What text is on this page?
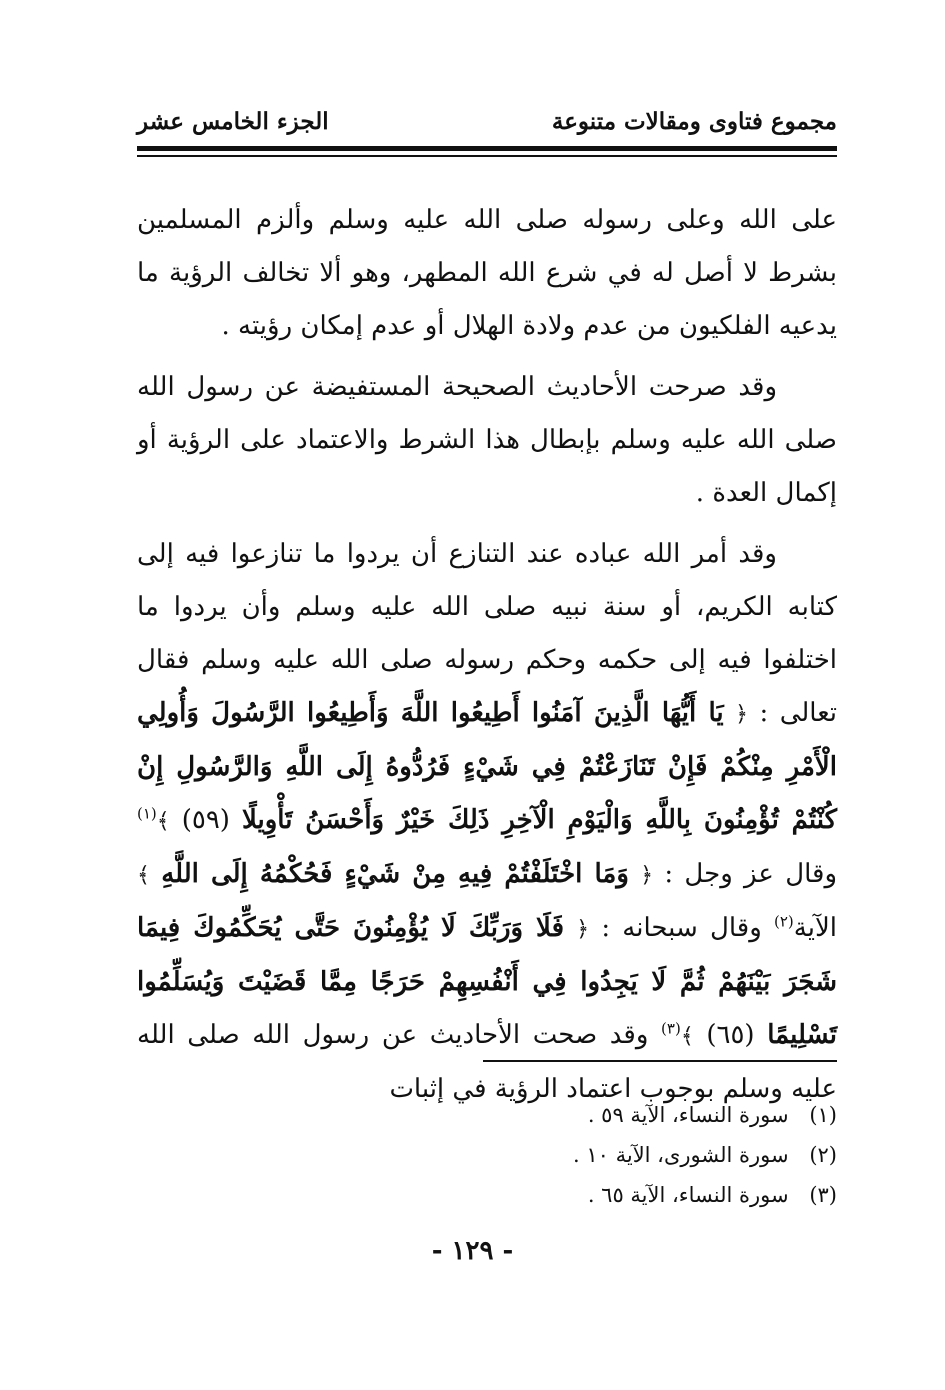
مجموع فتاوى ومقالات متنوعة
الجزء الخامس عشر

على الله وعلى رسوله صلى الله عليه وسلم وألزم المسلمين بشرط لا أصل له في شرع الله المطهر، وهو ألا تخالف الرؤية ما يدعيه الفلكيون من عدم ولادة الهلال أو عدم إمكان رؤيته .

وقد صرحت الأحاديث الصحيحة المستفيضة عن رسول الله صلى الله عليه وسلم بإبطال هذا الشرط والاعتماد على الرؤية أو إكمال العدة .

وقد أمر الله عباده عند التنازع أن يردوا ما تنازعوا فيه إلى كتابه الكريم، أو سنة نبيه صلى الله عليه وسلم وأن يردوا ما اختلفوا فيه إلى حكمه وحكم رسوله صلى الله عليه وسلم فقال تعالى : ﴿ يَا أَيُّهَا الَّذِينَ آمَنُوا أَطِيعُوا اللَّهَ وَأَطِيعُوا الرَّسُولَ وَأُولِي الْأَمْرِ مِنْكُمْ فَإِنْ تَنَازَعْتُمْ فِي شَيْءٍ فَرُدُّوهُ إِلَى اللَّهِ وَالرَّسُولِ إِنْ كُنْتُمْ تُؤْمِنُونَ بِاللَّهِ وَالْيَوْمِ الْآخِرِ ذَلِكَ خَيْرٌ وَأَحْسَنُ تَأْوِيلًا (٥٩) ﴾$^{(١)}$ وقال عز وجل : ﴿ وَمَا اخْتَلَفْتُمْ فِيهِ مِنْ شَيْءٍ فَحُكْمُهُ إِلَى اللَّهِ ﴾ الآية$^{(٢)}$ وقال سبحانه : ﴿ فَلَا وَرَبِّكَ لَا يُؤْمِنُونَ حَتَّى يُحَكِّمُوكَ فِيمَا شَجَرَ بَيْنَهُمْ ثُمَّ لَا يَجِدُوا فِي أَنْفُسِهِمْ حَرَجًا مِمَّا قَضَيْتَ وَيُسَلِّمُوا تَسْلِيمًا (٦٥) ﴾$^{(٣)}$ وقد صحت الأحاديث عن رسول الله صلى الله عليه وسلم بوجوب اعتماد الرؤية في إثبات

(١) سورة النساء، الآية ٥٩ .
(٢) سورة الشورى، الآية ١٠ .
(٣) سورة النساء، الآية ٦٥ .
- ١٢٩ -
